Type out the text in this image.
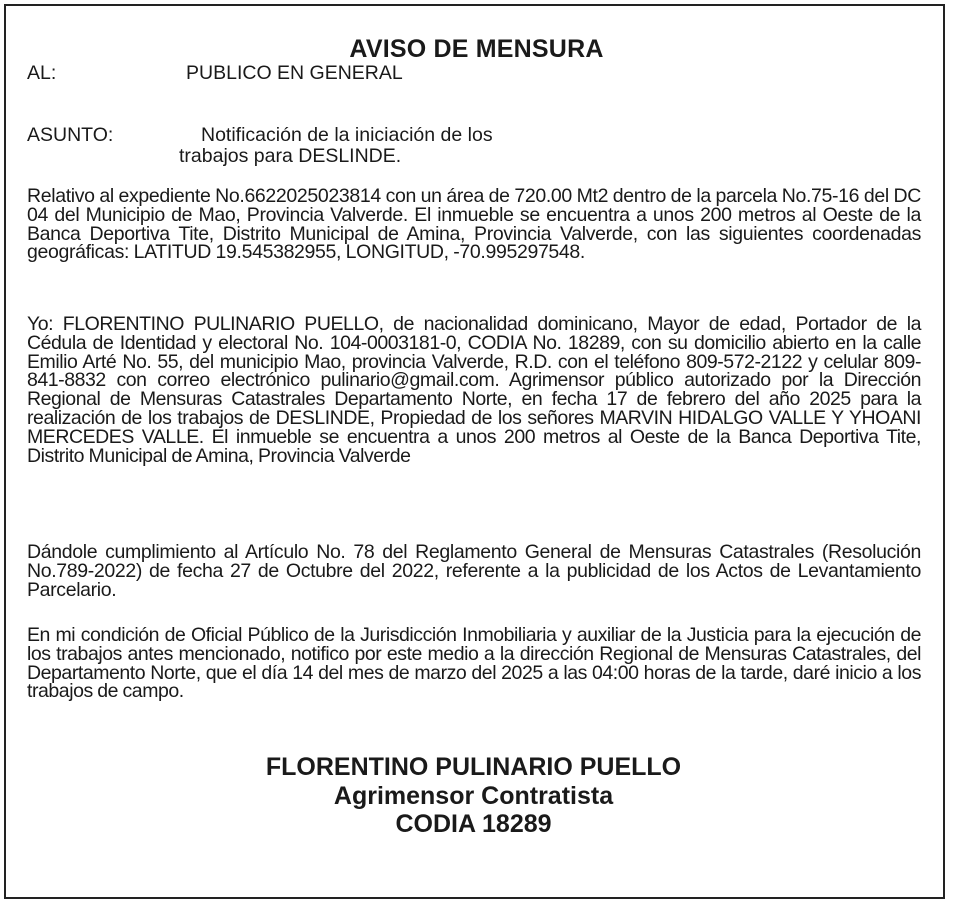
AVISO DE MENSURA
AL:	PUBLICO EN GENERAL
ASUNTO:	Notificación de la iniciación de los
trabajos para DESLINDE.
Relativo al expediente No.6622025023814 con un área de 720.00 Mt2 dentro de la parcela No.75-16 del DC 04 del Municipio de Mao, Provincia Valverde. El inmueble se encuentra a unos 200 metros al Oeste de la Banca Deportiva Tite, Distrito Municipal de Amina, Provincia Valverde, con las siguientes coordenadas geográficas: LATITUD 19.545382955, LONGITUD, -70.995297548.
Yo: FLORENTINO PULINARIO PUELLO, de nacionalidad dominicano, Mayor de edad, Portador de la Cédula de Identidad y electoral No. 104-0003181-0, CODIA No. 18289, con su domicilio abierto en la calle Emilio Arté No. 55, del municipio Mao, provincia Valverde, R.D. con el teléfono 809-572-2122 y celular 809-841-8832 con correo electrónico pulinario@gmail.com. Agrimensor público autorizado por la Dirección Regional de Mensuras Catastrales Departamento Norte, en fecha 17 de febrero del año 2025 para la realización de los trabajos de DESLINDE, Propiedad de los señores MARVIN HIDALGO VALLE Y YHOANI MERCEDES VALLE. El inmueble se encuentra a unos 200 metros al Oeste de la Banca Deportiva Tite, Distrito Municipal de Amina, Provincia Valverde
Dándole cumplimiento al Artículo No. 78 del Reglamento General de Mensuras Catastrales (Resolución No.789-2022) de fecha 27 de Octubre del 2022, referente a la publicidad de los Actos de Levantamiento Parcelario.
En mi condición de Oficial Público de la Jurisdicción Inmobiliaria y auxiliar de la Justicia para la ejecución de los trabajos antes mencionado, notifico por este medio a la dirección Regional de Mensuras Catastrales, del Departamento Norte, que el día 14 del mes de marzo del 2025 a las 04:00 horas de la tarde, daré inicio a los trabajos de campo.
FLORENTINO PULINARIO PUELLO
Agrimensor Contratista
CODIA 18289
